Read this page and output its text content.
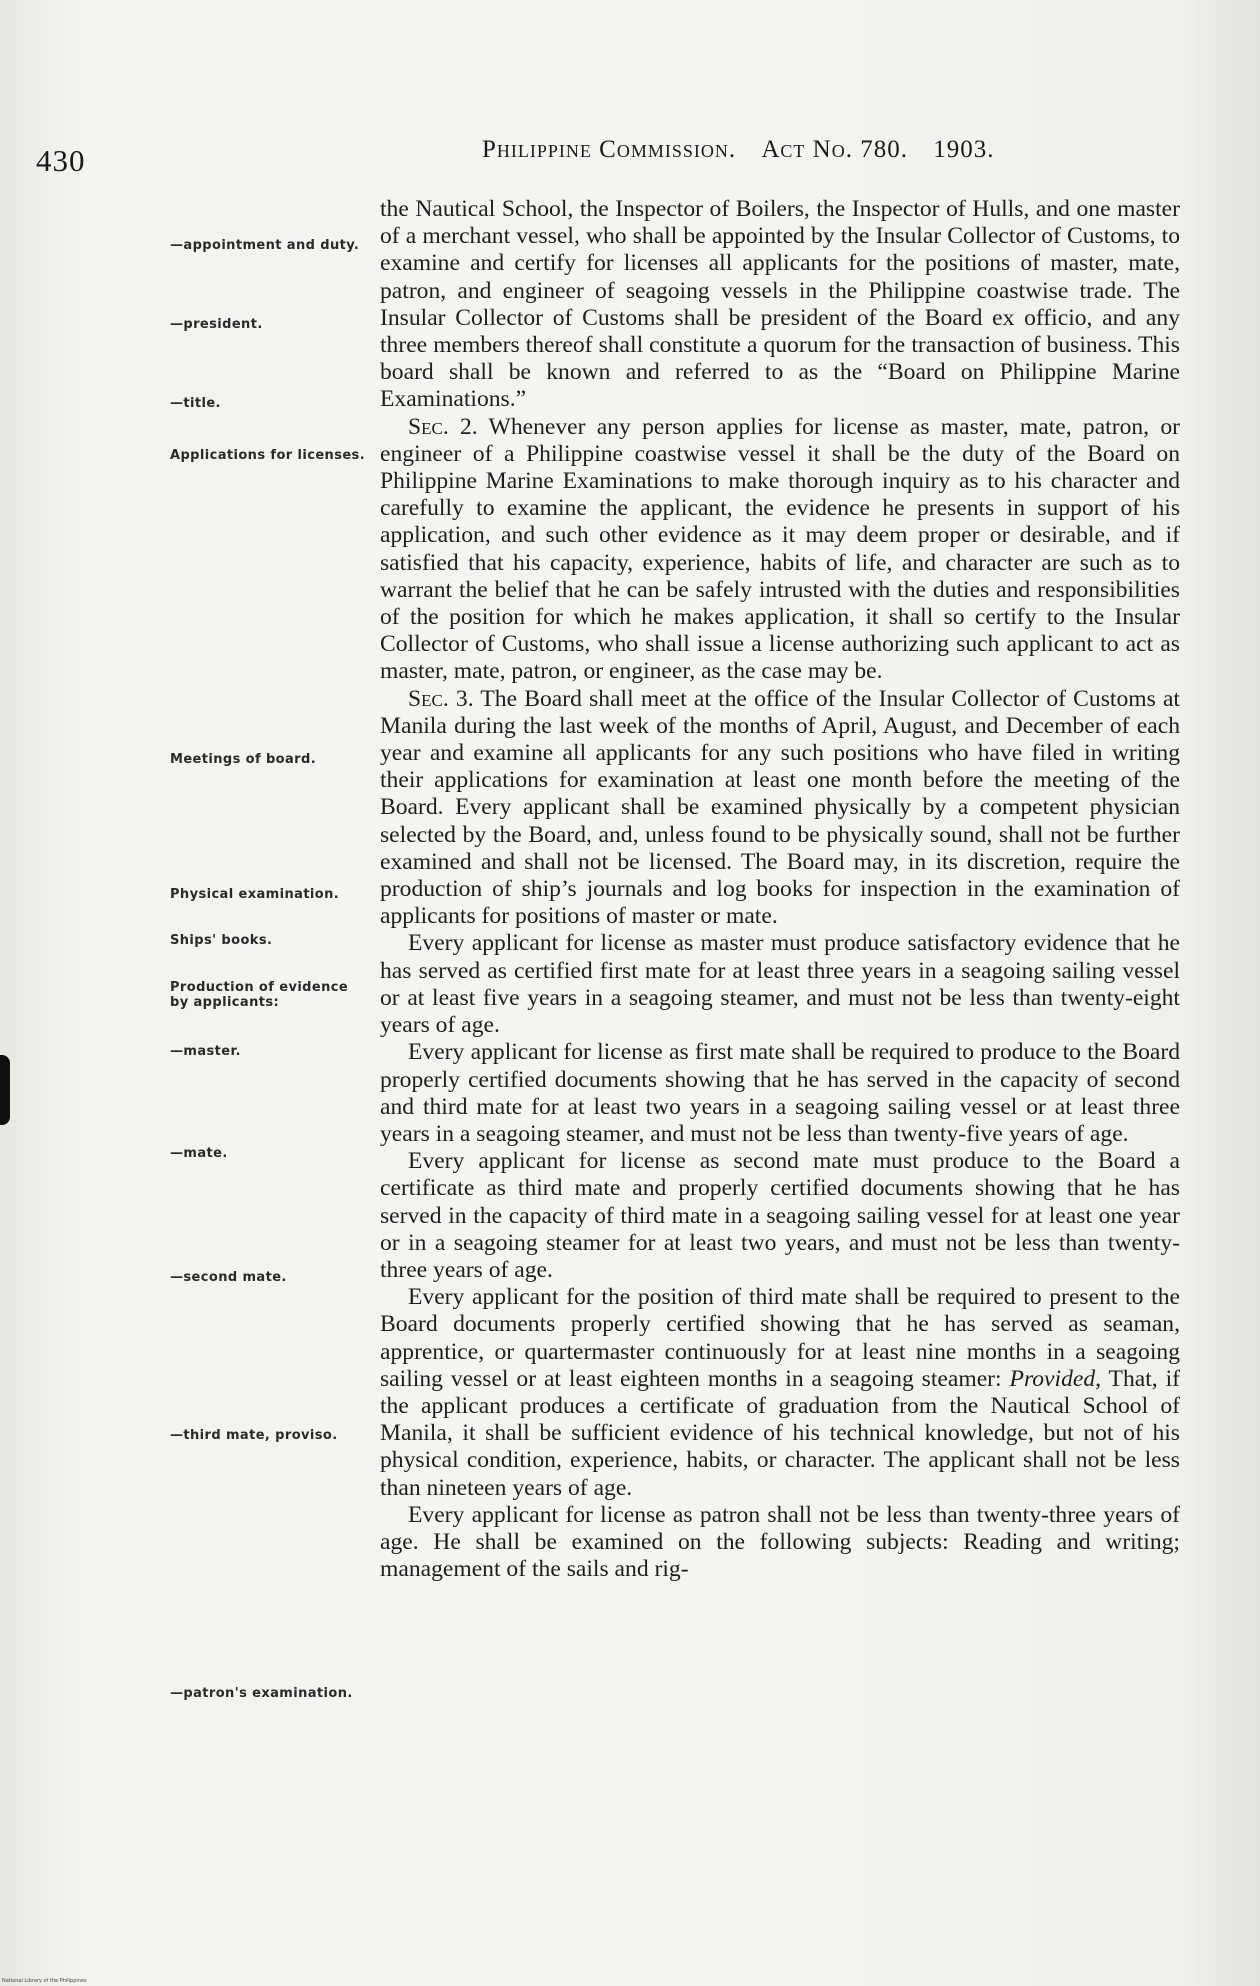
430	Philippine Commission. Act No. 780. 1903.
—appointment and duty.
—president.
—title.
Applications for licenses.
Meetings of board.
Physical examination.
Ships' books.
Production of evidence by applicants:
—master.
—mate.
—second mate.
—third mate, proviso.
—patron's examination.

the Nautical School, the Inspector of Boilers, the Inspector of Hulls, and one master of a merchant vessel, who shall be appointed by the Insular Collector of Customs, to examine and certify for licenses all applicants for the positions of master, mate, patron, and engineer of seagoing vessels in the Philippine coastwise trade. The Insular Collector of Customs shall be president of the Board ex officio, and any three members thereof shall constitute a quorum for the transaction of business. This board shall be known and referred to as the “Board on Philippine Marine Examinations.”

Sec. 2. Whenever any person applies for license as master, mate, patron, or engineer of a Philippine coastwise vessel it shall be the duty of the Board on Philippine Marine Examinations to make thorough inquiry as to his character and carefully to examine the applicant, the evidence he presents in support of his application, and such other evidence as it may deem proper or desirable, and if satisfied that his capacity, experience, habits of life, and character are such as to warrant the belief that he can be safely intrusted with the duties and responsibilities of the position for which he makes application, it shall so certify to the Insular Collector of Customs, who shall issue a license authorizing such applicant to act as master, mate, patron, or engineer, as the case may be.

Sec. 3. The Board shall meet at the office of the Insular Collector of Customs at Manila during the last week of the months of April, August, and December of each year and examine all applicants for any such positions who have filed in writing their applications for examination at least one month before the meeting of the Board. Every applicant shall be examined physically by a competent physician selected by the Board, and, unless found to be physically sound, shall not be further examined and shall not be licensed. The Board may, in its discretion, require the production of ship’s journals and log books for inspection in the examination of applicants for positions of master or mate.

Every applicant for license as master must produce satisfactory evidence that he has served as certified first mate for at least three years in a seagoing sailing vessel or at least five years in a seagoing steamer, and must not be less than twenty-eight years of age.

Every applicant for license as first mate shall be required to produce to the Board properly certified documents showing that he has served in the capacity of second and third mate for at least two years in a seagoing sailing vessel or at least three years in a seagoing steamer, and must not be less than twenty-five years of age.

Every applicant for license as second mate must produce to the Board a certificate as third mate and properly certified documents showing that he has served in the capacity of third mate in a seagoing sailing vessel for at least one year or in a seagoing steamer for at least two years, and must not be less than twenty-three years of age.

Every applicant for the position of third mate shall be required to present to the Board documents properly certified showing that he has served as seaman, apprentice, or quartermaster continuously for at least nine months in a seagoing sailing vessel or at least eighteen months in a seagoing steamer: Provided, That, if the applicant produces a certificate of graduation from the Nautical School of Manila, it shall be sufficient evidence of his technical knowledge, but not of his physical condition, experience, habits, or character. The applicant shall not be less than nineteen years of age.

Every applicant for license as patron shall not be less than twenty-three years of age. He shall be examined on the following subjects: Reading and writing; management of the sails and rig-

National Library of the Philippines
